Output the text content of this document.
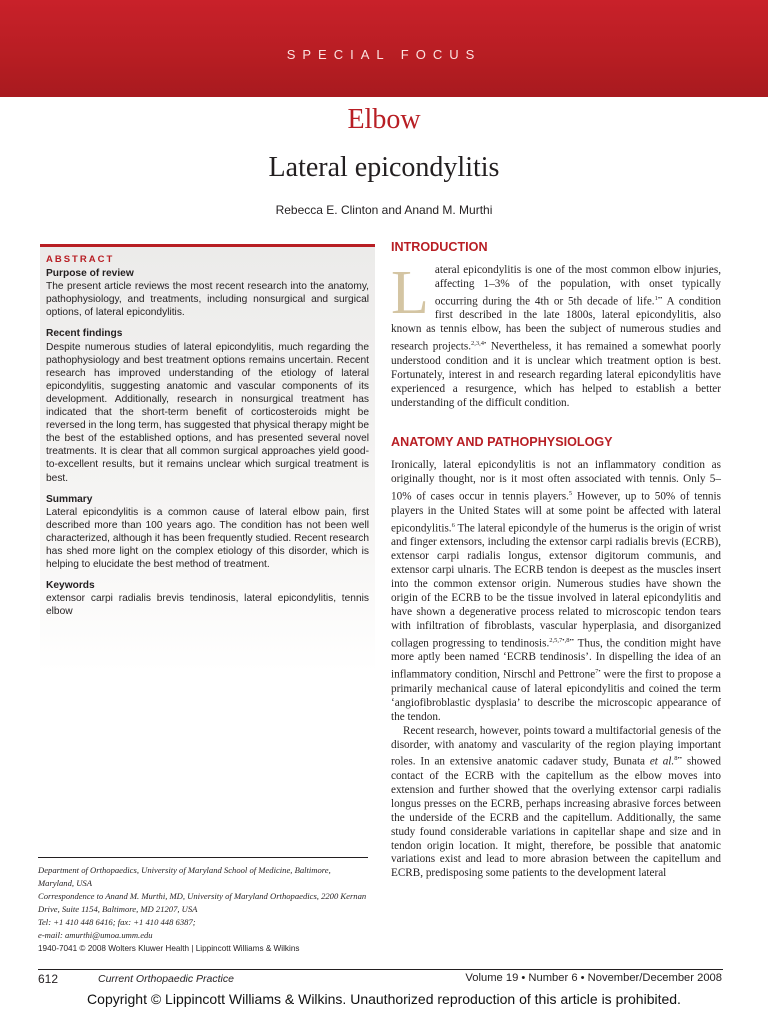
SPECIAL FOCUS
Elbow
Lateral epicondylitis
Rebecca E. Clinton and Anand M. Murthi
ABSTRACT
Purpose of review
The present article reviews the most recent research into the anatomy, pathophysiology, and treatments, including nonsurgical and surgical options, of lateral epicondylitis.
Recent findings
Despite numerous studies of lateral epicondylitis, much regarding the pathophysiology and best treatment options remains uncertain. Recent research has improved understanding of the etiology of lateral epicondylitis, suggesting anatomic and vascular components of its development. Additionally, research in nonsurgical treatment has indicated that the short-term benefit of corticosteroids might be reversed in the long term, has suggested that physical therapy might be the best of the established options, and has presented several novel treatments. It is clear that all common surgical approaches yield good-to-excellent results, but it remains unclear which surgical treatment is best.
Summary
Lateral epicondylitis is a common cause of lateral elbow pain, first described more than 100 years ago. The condition has not been well characterized, although it has been frequently studied. Recent research has shed more light on the complex etiology of this disorder, which is helping to elucidate the best method of treatment.
Keywords
extensor carpi radialis brevis tendinosis, lateral epicondylitis, tennis elbow
Department of Orthopaedics, University of Maryland School of Medicine, Baltimore, Maryland, USA
Correspondence to Anand M. Murthi, MD, University of Maryland Orthopaedics, 2200 Kernan Drive, Suite 1154, Baltimore, MD 21207, USA
Tel: +1 410 448 6416; fax: +1 410 448 6387;
e-mail: amurthi@umoa.umm.edu
1940-7041 © 2008 Wolters Kluwer Health | Lippincott Williams & Wilkins
INTRODUCTION
Lateral epicondylitis is one of the most common elbow injuries, affecting 1–3% of the population, with onset typically occurring during the 4th or 5th decade of life.$^{1••}$ A condition first described in the late 1800s, lateral epicondylitis, also known as tennis elbow, has been the subject of numerous studies and research projects.$^{2,3,4•}$ Nevertheless, it has remained a somewhat poorly understood condition and it is unclear which treatment option is best. Fortunately, interest in and research regarding lateral epicondylitis have experienced a resurgence, which has helped to establish a better understanding of the difficult condition.
ANATOMY AND PATHOPHYSIOLOGY
Ironically, lateral epicondylitis is not an inflammatory condition as originally thought, nor is it most often associated with tennis. Only 5–10% of cases occur in tennis players.$^5$ However, up to 50% of tennis players in the United States will at some point be affected with lateral epicondylitis.$^6$ The lateral epicondyle of the humerus is the origin of wrist and finger extensors, including the extensor carpi radialis brevis (ECRB), extensor carpi radialis longus, extensor digitorum communis, and extensor carpi ulnaris. The ECRB tendon is deepest as the muscles insert into the common extensor origin. Numerous studies have shown the origin of the ECRB to be the tissue involved in lateral epicondylitis and have shown a degenerative process related to microscopic tendon tears with infiltration of fibroblasts, vascular hyperplasia, and disorganized collagen progressing to tendinosis.$^{2,5,7•,8••}$ Thus, the condition might have more aptly been named ‘ECRB tendinosis’. In dispelling the idea of an inflammatory condition, Nirschl and Pettrone$^{7•}$ were the first to propose a primarily mechanical cause of lateral epicondylitis and coined the term ‘angiofibroblastic dysplasia’ to describe the microscopic appearance of the tendon.
Recent research, however, points toward a multifactorial genesis of the disorder, with anatomy and vascularity of the region playing important roles. In an extensive anatomic cadaver study, Bunata et al.$^{8••}$ showed contact of the ECRB with the capitellum as the elbow moves into extension and further showed that the overlying extensor carpi radialis longus presses on the ECRB, perhaps increasing abrasive forces between the underside of the ECRB and the capitellum. Additionally, the same study found considerable variations in capitellar shape and size and in tendon origin location. It might, therefore, be possible that anatomic variations exist and lead to more abrasion between the capitellum and ECRB, predisposing some patients to the development lateral
612	Current Orthopaedic Practice	Volume 19 • Number 6 • November/December 2008
Copyright © Lippincott Williams & Wilkins. Unauthorized reproduction of this article is prohibited.
